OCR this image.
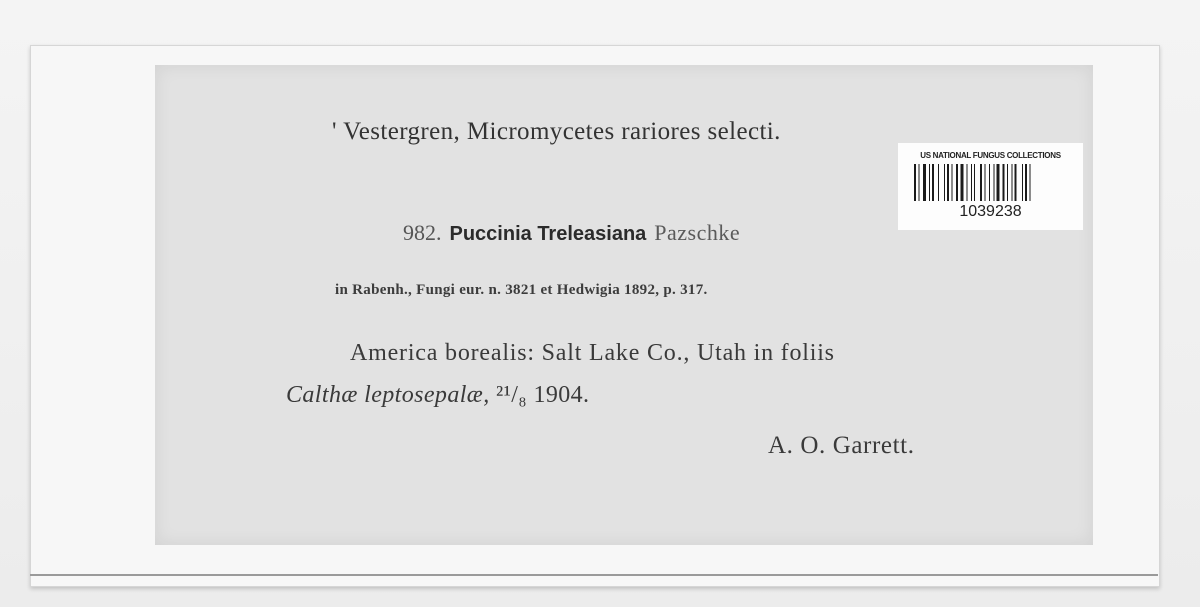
' Vestergren, Micromycetes rariores selecti.
982. Puccinia Treleasiana Pazschke
in Rabenh., Fungi eur. n. 3821 et Hedwigia 1892, p. 317.
America borealis: Salt Lake Co., Utah in foliis
Calthæ leptosepalæ, ²¹/₈ 1904.
A. O. Garrett.
US NATIONAL FUNGUS COLLECTIONS
1039238
